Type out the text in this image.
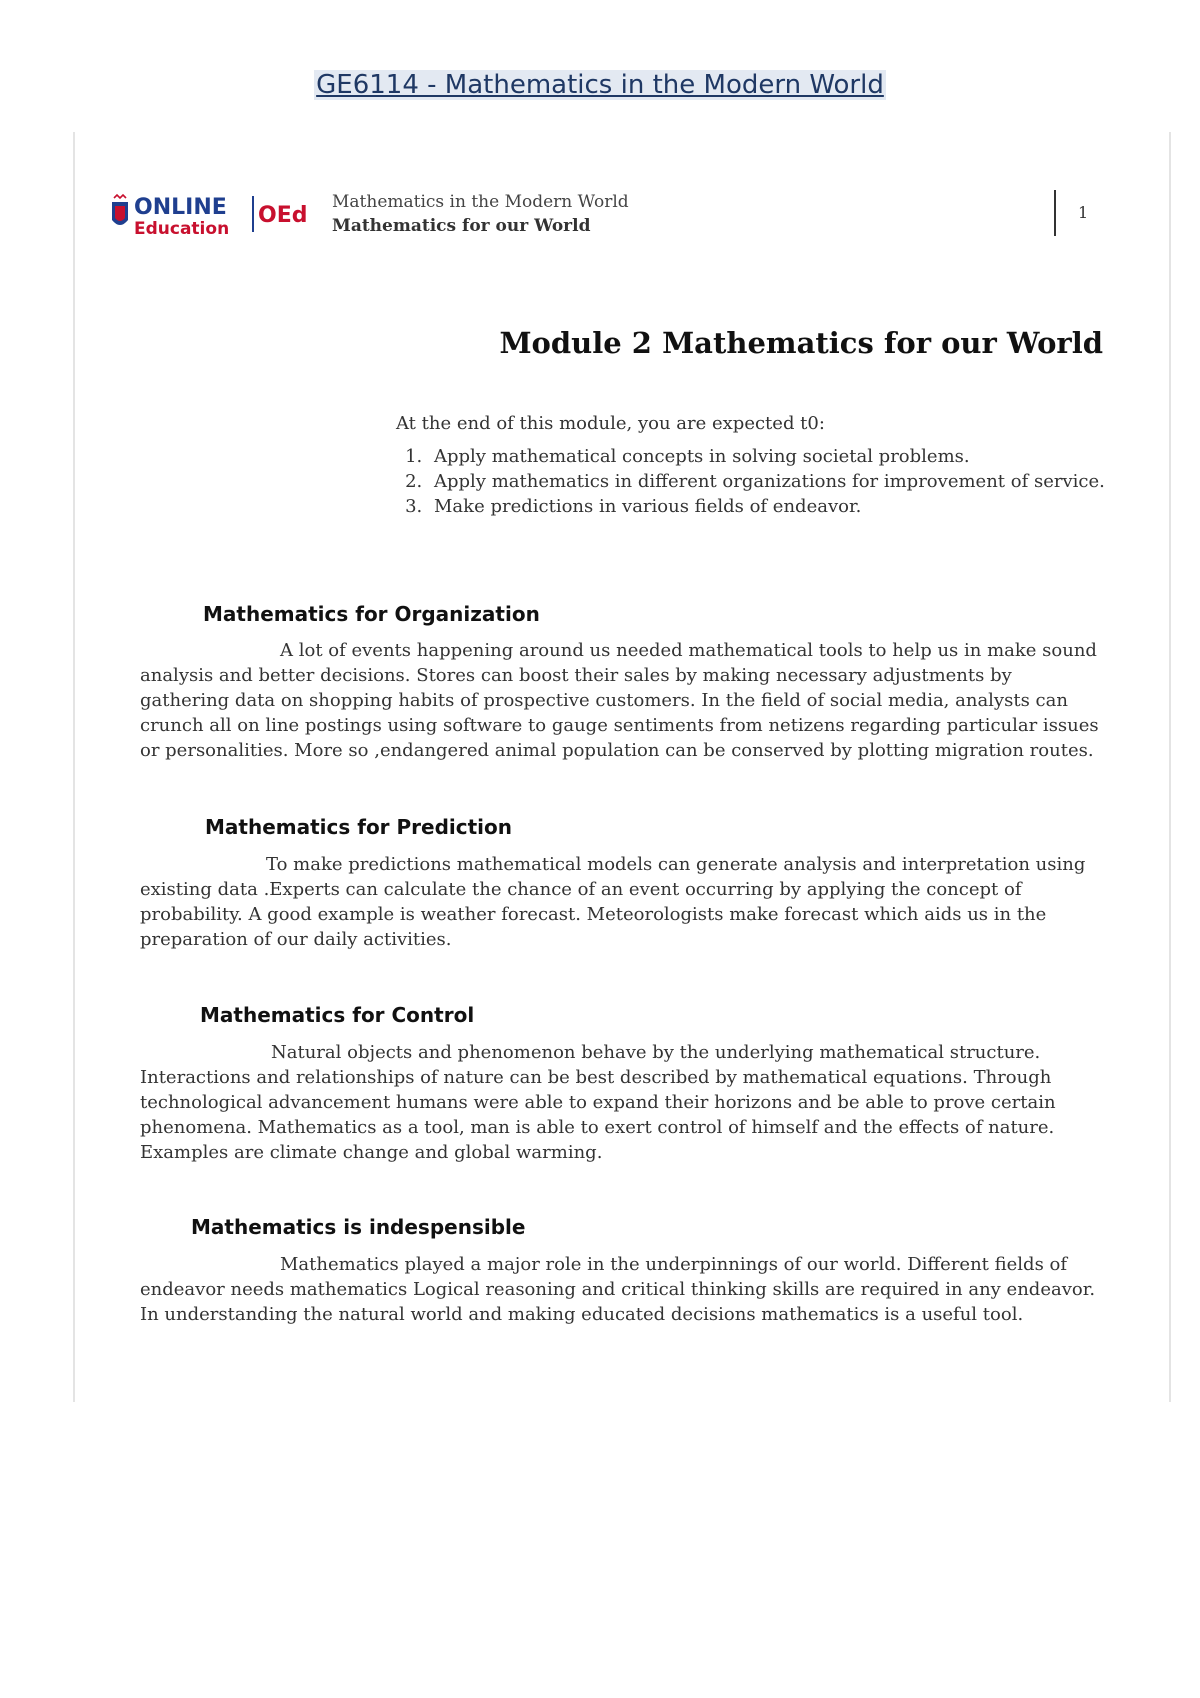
GE6114 - Mathematics in the Modern World
ONLINE
Education
OEd
Mathematics in the Modern World
Mathematics for our World
1
Module 2 Mathematics for our World
At the end of this module, you are expected t0:
1. Apply mathematical concepts in solving societal problems.
2. Apply mathematics in different organizations for improvement of service.
3. Make predictions in various fields of endeavor.
Mathematics for Organization

A lot of events happening around us needed mathematical tools to help us in make sound analysis and better decisions. Stores can boost their sales by making necessary adjustments by gathering data on shopping habits of prospective customers. In the field of social media, analysts can crunch all on line postings using software to gauge sentiments from netizens regarding particular issues or personalities. More so ,endangered animal population can be conserved by plotting migration routes.

Mathematics for Prediction

To make predictions mathematical models can generate analysis and interpretation using existing data .Experts can calculate the chance of an event occurring by applying the concept of probability. A good example is weather forecast. Meteorologists make forecast which aids us in the preparation of our daily activities.

Mathematics for Control

Natural objects and phenomenon behave by the underlying mathematical structure. Interactions and relationships of nature can be best described by mathematical equations. Through technological advancement humans were able to expand their horizons and be able to prove certain phenomena. Mathematics as a tool, man is able to exert control of himself and the effects of nature. Examples are climate change and global warming.

Mathematics is indespensible

Mathematics played a major role in the underpinnings of our world. Different fields of endeavor needs mathematics Logical reasoning and critical thinking skills are required in any endeavor. In understanding the natural world and making educated decisions mathematics is a useful tool.
